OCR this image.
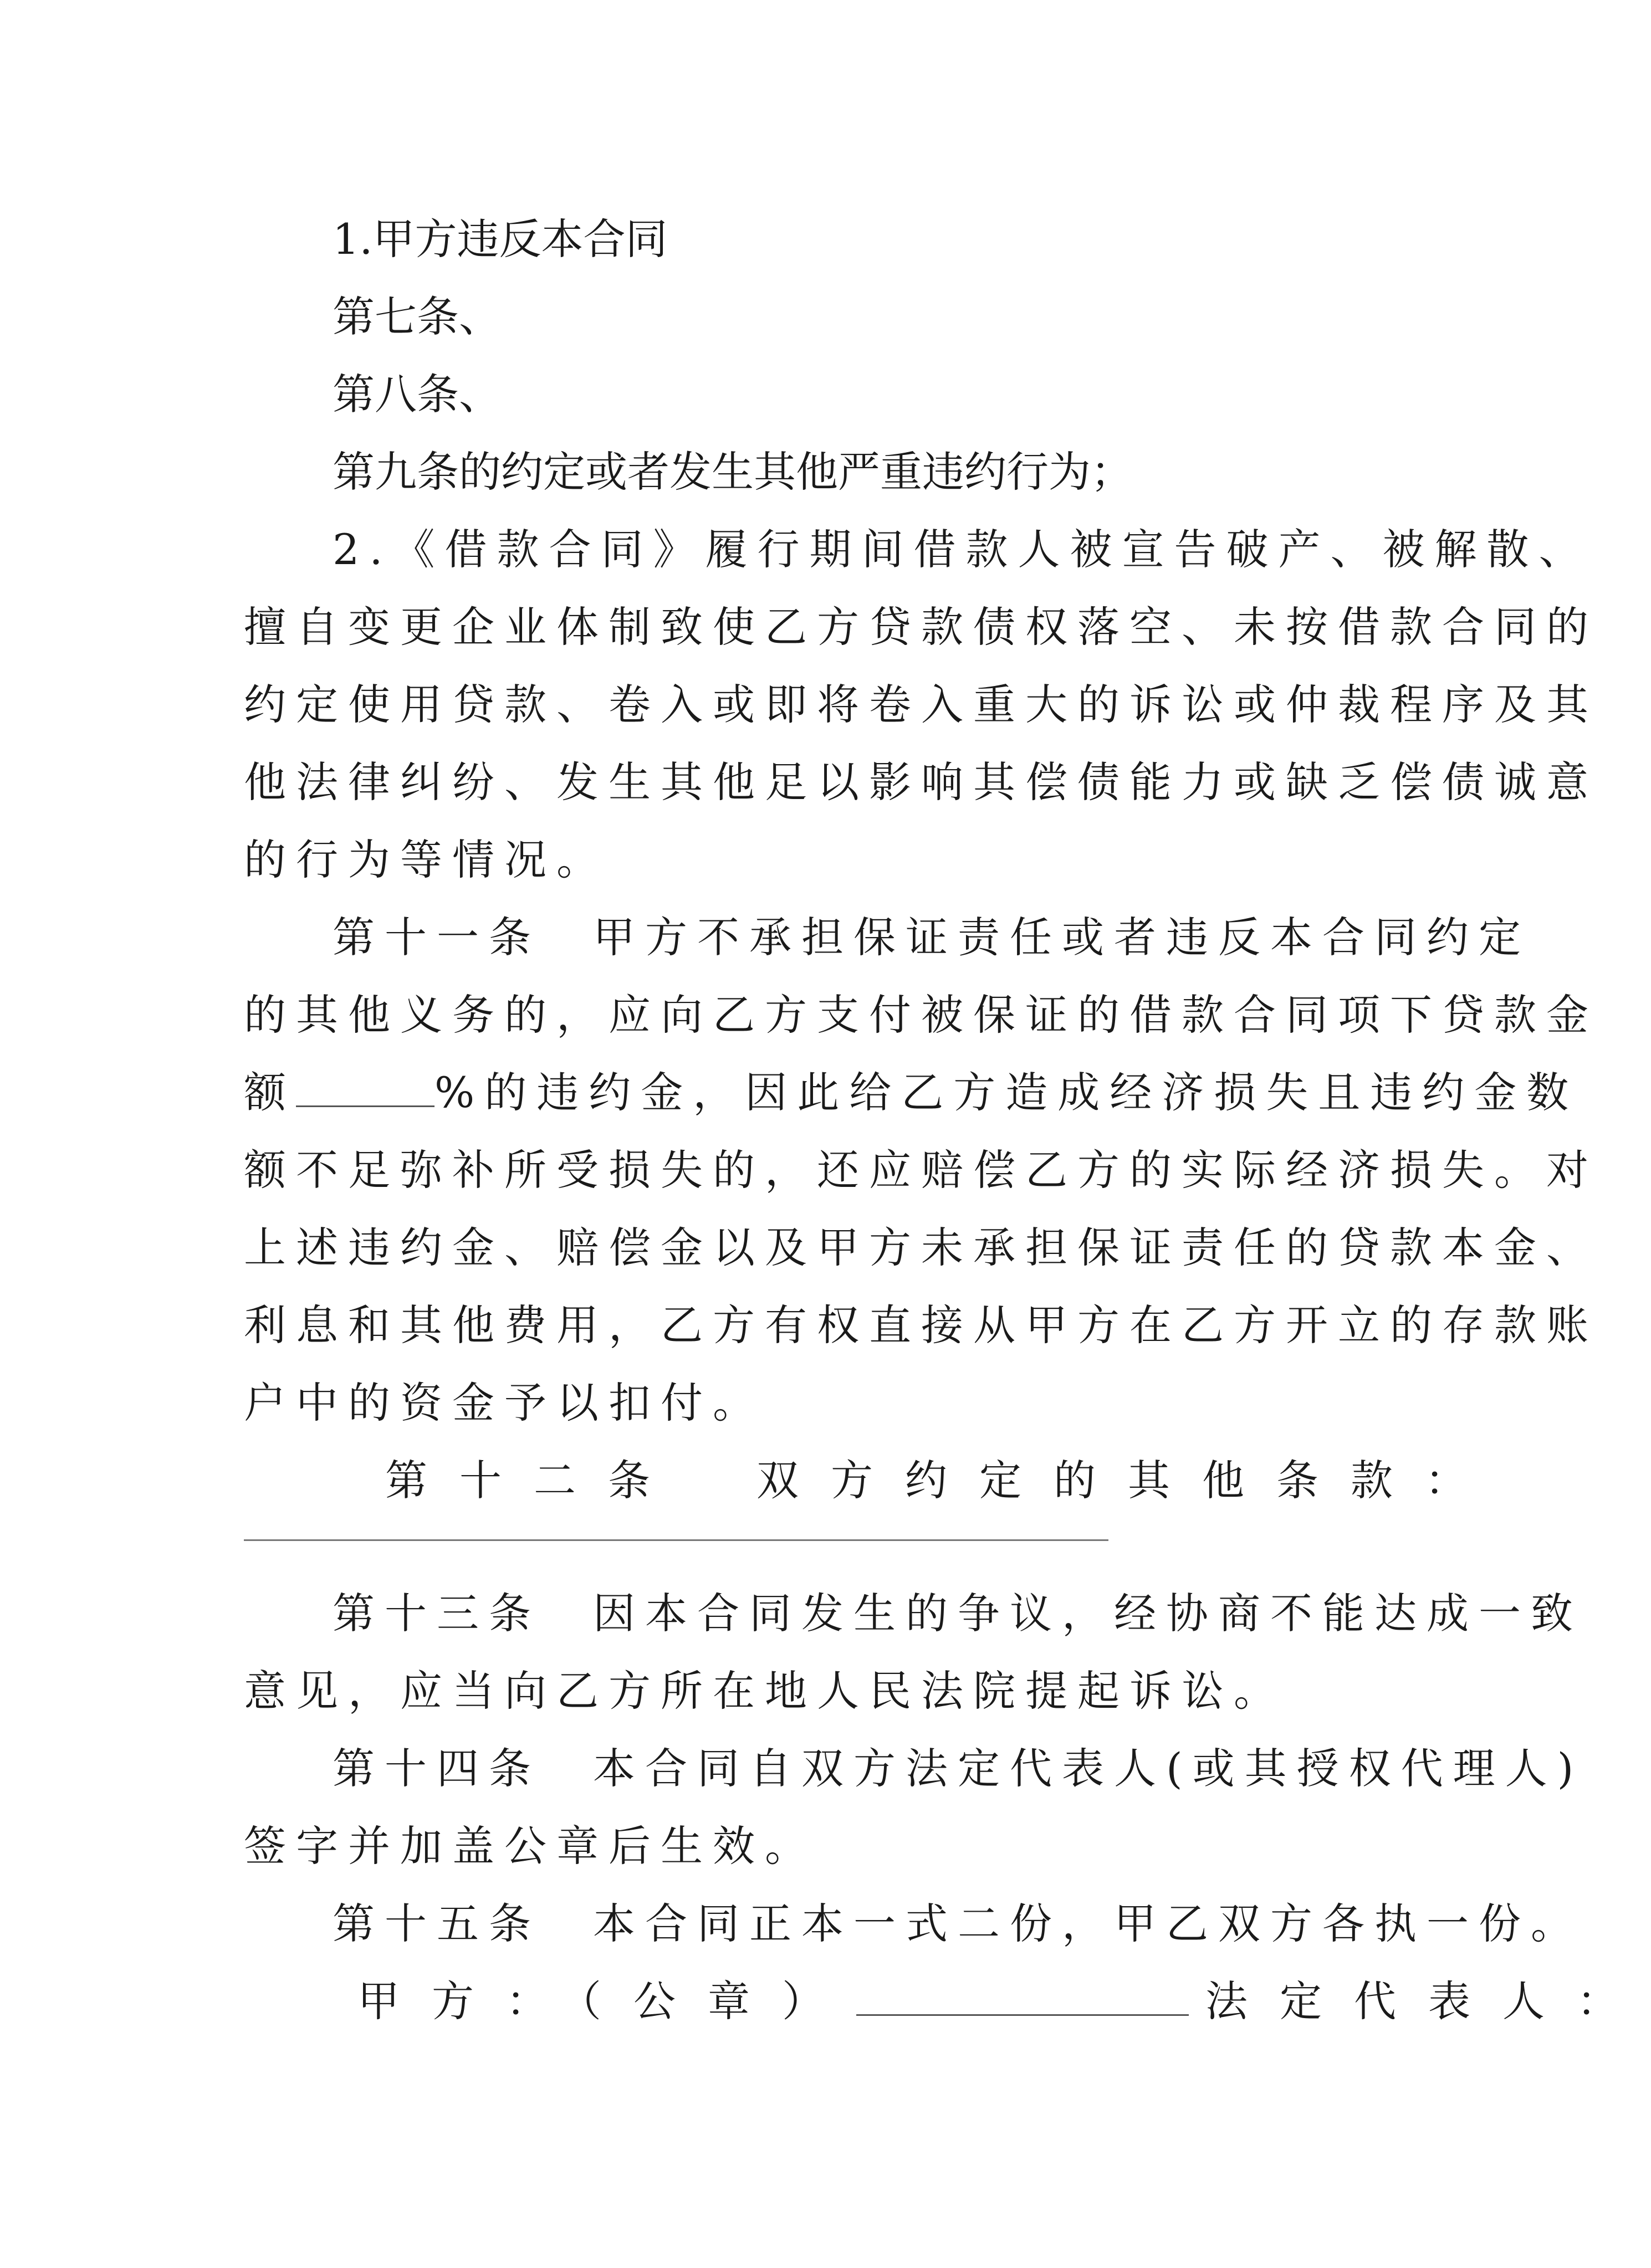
1.甲方违反本合同
第七条、
第八条、
第九条的约定或者发生其他严重违约行为；
2.《借款合同》履行期间借款人被宣告破产、被解散、
擅自变更企业体制致使乙方贷款债权落空、未按借款合同的
约定使用贷款、卷入或即将卷入重大的诉讼或仲裁程序及其
他法律纠纷、发生其他足以影响其偿债能力或缺乏偿债诚意
的行为等情况。
第十一条　甲方不承担保证责任或者违反本合同约定
的其他义务的，应向乙方支付被保证的借款合同项下贷款金
额	%的违约金，因此给乙方造成经济损失且违约金数
额不足弥补所受损失的，还应赔偿乙方的实际经济损失。对
上述违约金、赔偿金以及甲方未承担保证责任的贷款本金、
利息和其他费用，乙方有权直接从甲方在乙方开立的存款账
户中的资金予以扣付。
第十二条　双方约定的其他条款：
第十三条　因本合同发生的争议，经协商不能达成一致
意见，应当向乙方所在地人民法院提起诉讼。
第十四条　本合同自双方法定代表人(或其授权代理人)
签字并加盖公章后生效。
第十五条　本合同正本一式二份，甲乙双方各执一份。
甲方：（公章）	法定代表人：
